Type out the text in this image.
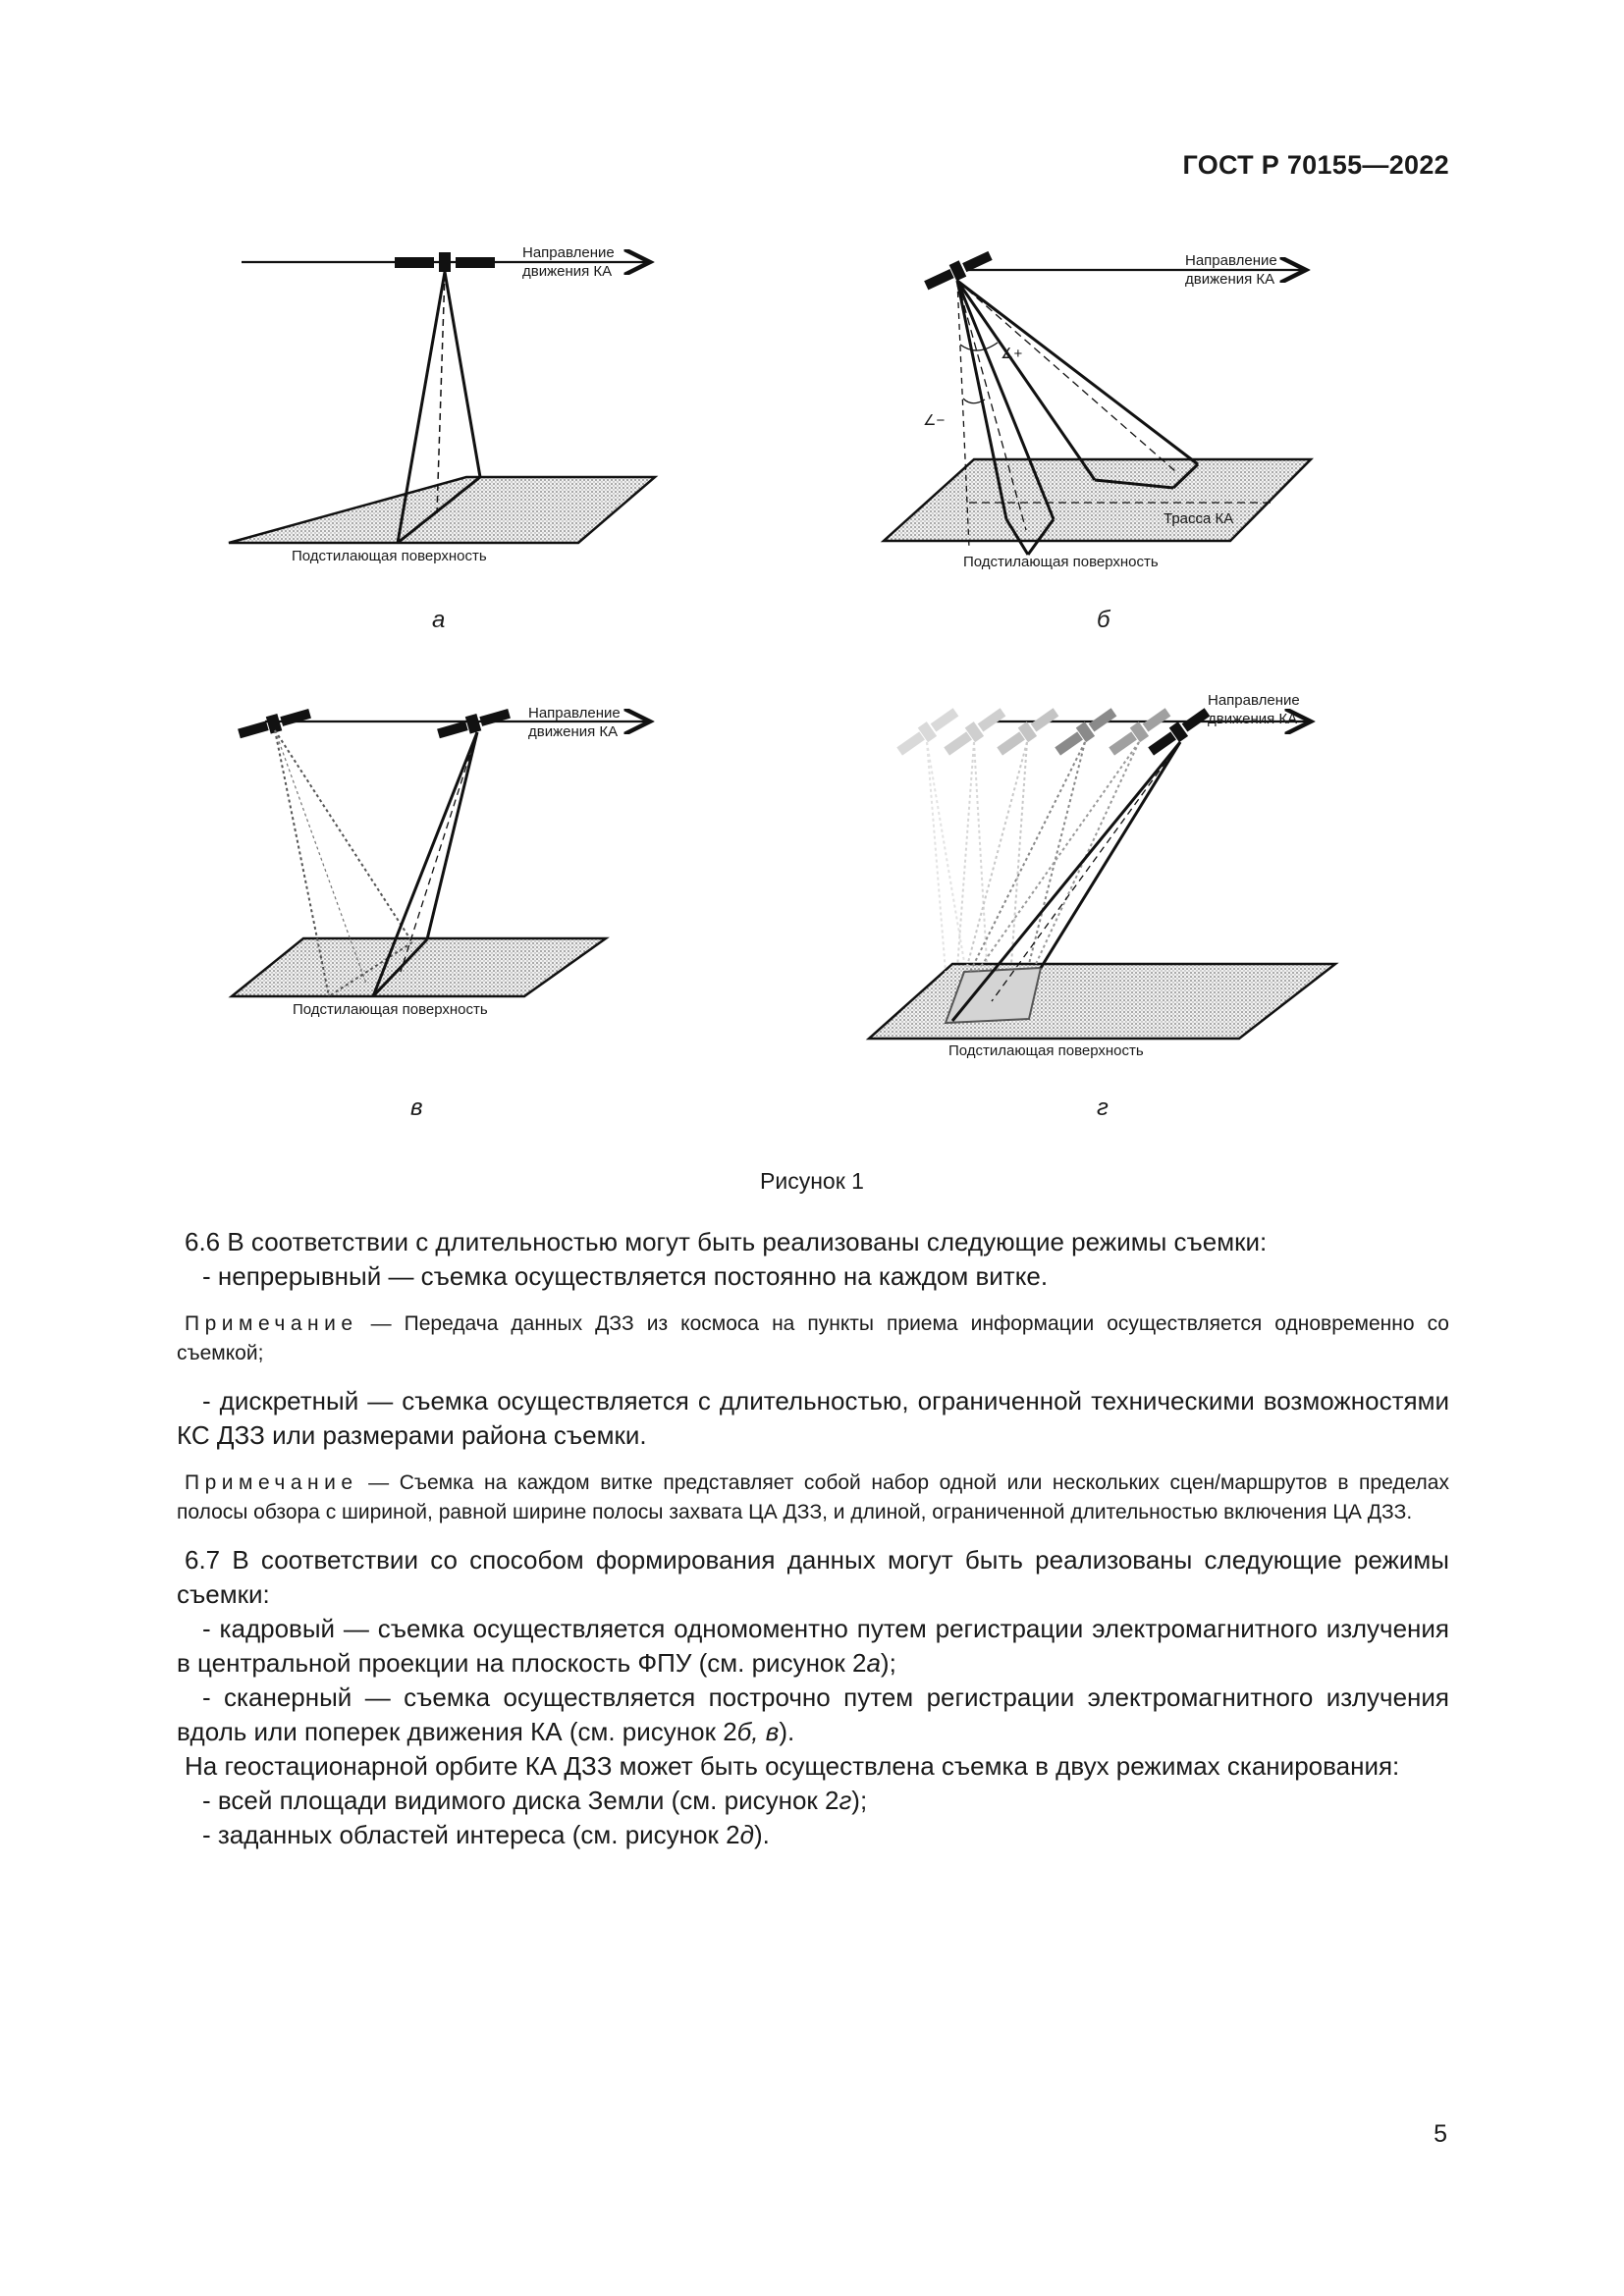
ГОСТ Р 70155—2022
Направление
движения КА
Подстилающая поверхность
а
Направление
движения КА
∠+
∠−
Трасса КА
Подстилающая поверхность
б
Направление
движения КА
Подстилающая поверхность
в
Направление
движения КА
Подстилающая поверхность
г
Рисунок 1

6.6 В соответствии с длительностью могут быть реализованы следующие режимы съемки:

- непрерывный — съемка осуществляется постоянно на каждом витке.

Примечание — Передача данных ДЗЗ из космоса на пункты приема информации осуществляется одновременно со съемкой;

- дискретный — съемка осуществляется с длительностью, ограниченной техническими возможностями КС ДЗЗ или размерами района съемки.

Примечание — Съемка на каждом витке представляет собой набор одной или нескольких сцен/маршрутов в пределах полосы обзора с шириной, равной ширине полосы захвата ЦА ДЗЗ, и длиной, ограниченной длительностью включения ЦА ДЗЗ.

6.7 В соответствии со способом формирования данных могут быть реализованы следующие режимы съемки:

- кадровый — съемка осуществляется одномоментно путем регистрации электромагнитного излучения в центральной проекции на плоскость ФПУ (см. рисунок 2а);

- сканерный — съемка осуществляется построчно путем регистрации электромагнитного излучения вдоль или поперек движения КА (см. рисунок 2б, в).

На геостационарной орбите КА ДЗЗ может быть осуществлена съемка в двух режимах сканирования:

- всей площади видимого диска Земли (см. рисунок 2г);

- заданных областей интереса (см. рисунок 2д).

5
